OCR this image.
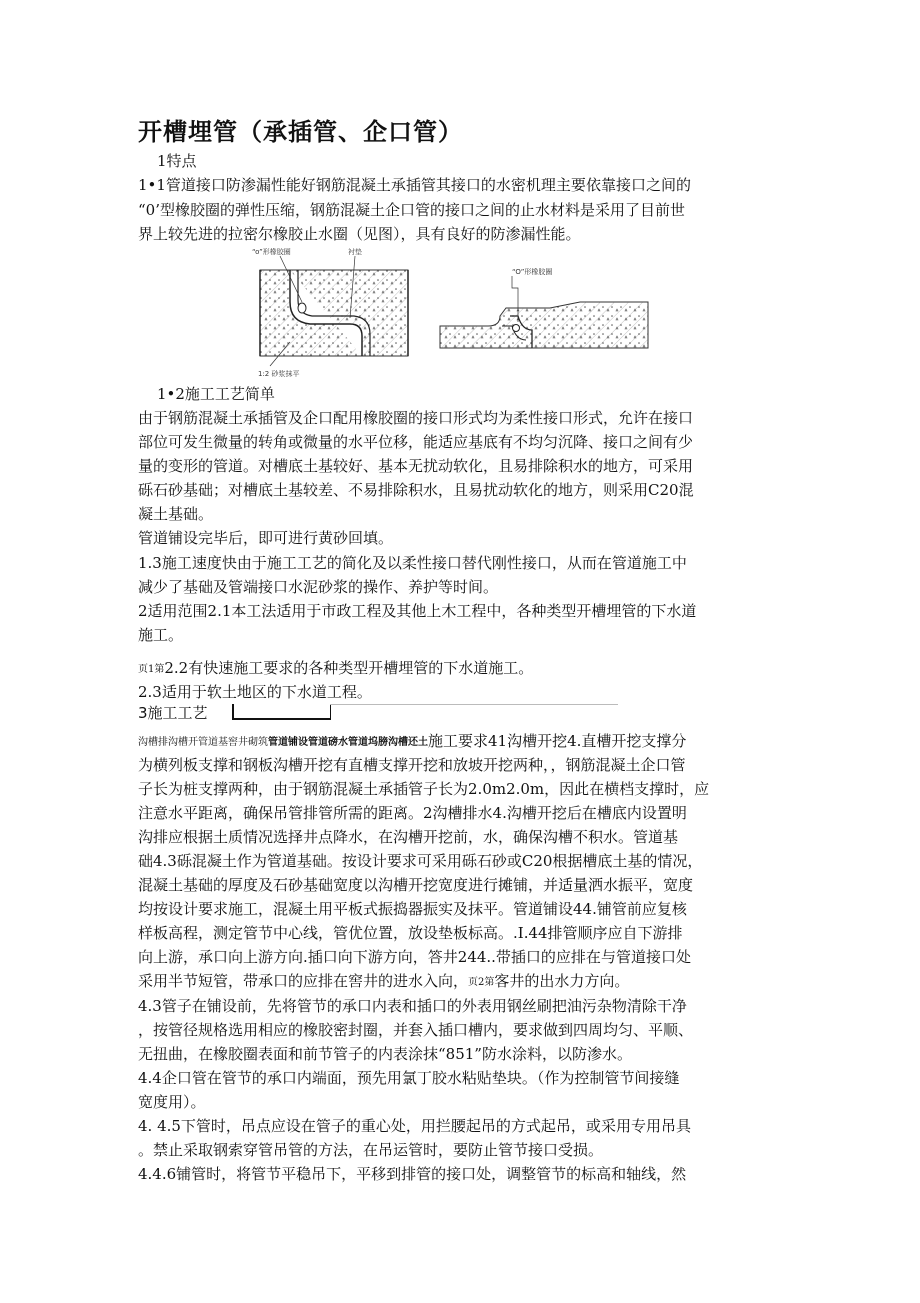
开槽埋管（承插管、企口管）
1特点
1•1管道接口防渗漏性能好钢筋混凝土承插管其接口的水密机理主要依靠接口之间的
“0’型橡胶圈的弹性压缩，钢筋混凝土企口管的接口之间的止水材料是采用了目前世
界上较先进的拉密尔橡胶止水圈（见图），具有良好的防渗漏性能。
“o”形橡胶圈	衬垫
1:2 砂浆抹平
“O”形橡胶圈
1•2施工工艺简单
由于钢筋混凝土承插管及企口配用橡胶圈的接口形式均为柔性接口形式，允许在接口
部位可发生微量的转角或微量的水平位移，能适应基底有不均匀沉降、接口之间有少
量的变形的管道。对槽底土基较好、基本无扰动软化，且易排除积水的地方，可采用
砾石砂基础；对槽底土基较差、不易排除积水，且易扰动软化的地方，则采用C20混
凝土基础。
管道铺设完毕后，即可进行黄砂回填。
1.3施工速度快由于施工工艺的简化及以柔性接口替代刚性接口，从而在管道施工中
减少了基础及管端接口水泥砂浆的操作、养护等时间。
2适用范围2.1本工法适用于市政工程及其他上木工程中，各种类型开槽埋管的下水道
施工。
页1第2.2有快速施工要求的各种类型开槽埋管的下水道施工。
2.3适用于软土地区的下水道工程。
3施工工艺
沟槽排沟槽开管道基窖井砌筑管道铺设管道磅水管道坞膀沟槽还土施工要求41沟槽开挖4.直槽开挖支撑分
为横列板支撑和钢板沟槽开挖有直槽支撑开挖和放坡开挖两种，，钢筋混凝土企口管
子长为桩支撑两种，由于钢筋混凝土承插管子长为2.0m2.0m，因此在横档支撑时，应
注意水平距离，确保吊管排管所需的距离。2沟槽排水4.沟槽开挖后在槽底内设置明
沟排应根据土质情况选择井点降水，在沟槽开挖前，水，确保沟槽不积水。管道基
础4.3砾混凝土作为管道基础。按设计要求可采用砾石砂或C20根据槽底土基的情况，
混凝土基础的厚度及石砂基础宽度以沟槽开挖宽度进行摊铺，并适量洒水振平，宽度
均按设计要求施工，混凝土用平板式振捣器振实及抹平。管道铺设44.铺管前应复核
样板高程，测定管节中心线，管优位置，放设垫板标高。.I.44排管顺序应自下游排
向上游，承口向上游方向.插口向下游方向，答井244..带插口的应排在与管道接口处
采用半节短管，带承口的应排在窖井的进水入向，页2第客井的出水力方向。
4.3管子在铺设前，先将管节的承口内表和插口的外表用钢丝刷把油污杂物清除干净
，按管径规格选用相应的橡胶密封圈，并套入插口槽内，要求做到四周均匀、平顺、
无扭曲，在橡胶圈表面和前节管子的内表涂抹“851”防水涂料，以防渗水。
4.4企口管在管节的承口内端面，预先用氯丁胶水粘贴垫块。（作为控制管节间接缝
宽度用）。
4. 4.5下管时，吊点应设在管子的重心处，用拦腰起吊的方式起吊，或采用专用吊具
。禁止采取钢索穿管吊管的方法，在吊运管时，要防止管节接口受损。
4.4.6铺管时，将管节平稳吊下，平移到排管的接口处，调整管节的标高和轴线，然
